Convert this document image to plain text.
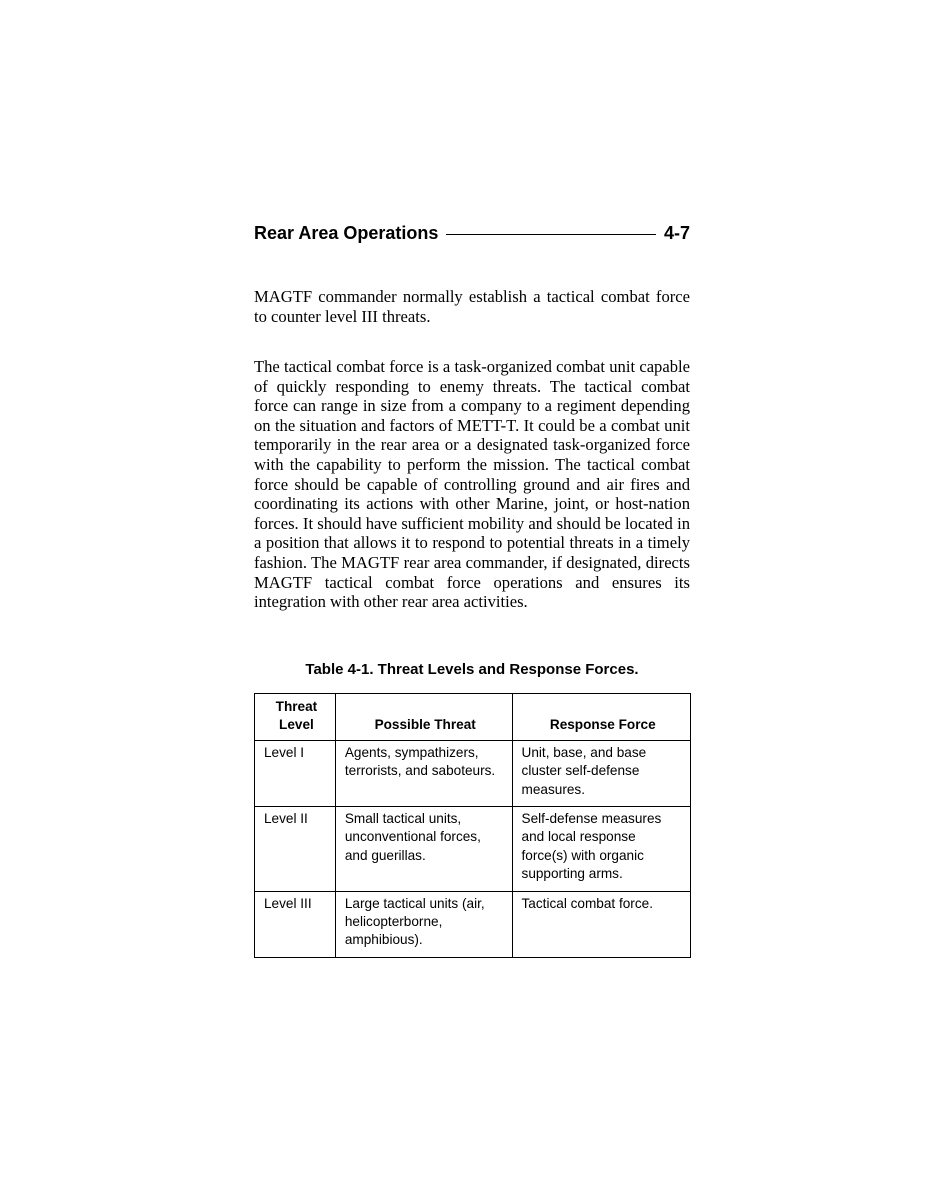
Rear Area Operations	4-7

MAGTF commander normally establish a tactical combat force to counter level III threats.

The tactical combat force is a task-organized combat unit capable of quickly responding to enemy threats. The tactical combat force can range in size from a company to a regiment depending on the situation and factors of METT-T. It could be a combat unit temporarily in the rear area or a designated task-organized force with the capability to perform the mission. The tactical combat force should be capable of controlling ground and air fires and coordinating its actions with other Marine, joint, or host-nation forces. It should have sufficient mobility and should be located in a position that allows it to respond to potential threats in a timely fashion. The MAGTF rear area commander, if designated, directs MAGTF tactical combat force operations and ensures its integration with other rear area activities.

Table 4-1. Threat Levels and Response Forces.

Threat
Level	Possible Threat	Response Force
Level I	Agents, sympathizers, terrorists, and saboteurs.	Unit, base, and base cluster self-defense measures.
Level II	Small tactical units, unconventional forces, and guerillas.	Self-defense measures and local response force(s) with organic supporting arms.
Level III	Large tactical units (air, helicopterborne, amphibious).	Tactical combat force.
